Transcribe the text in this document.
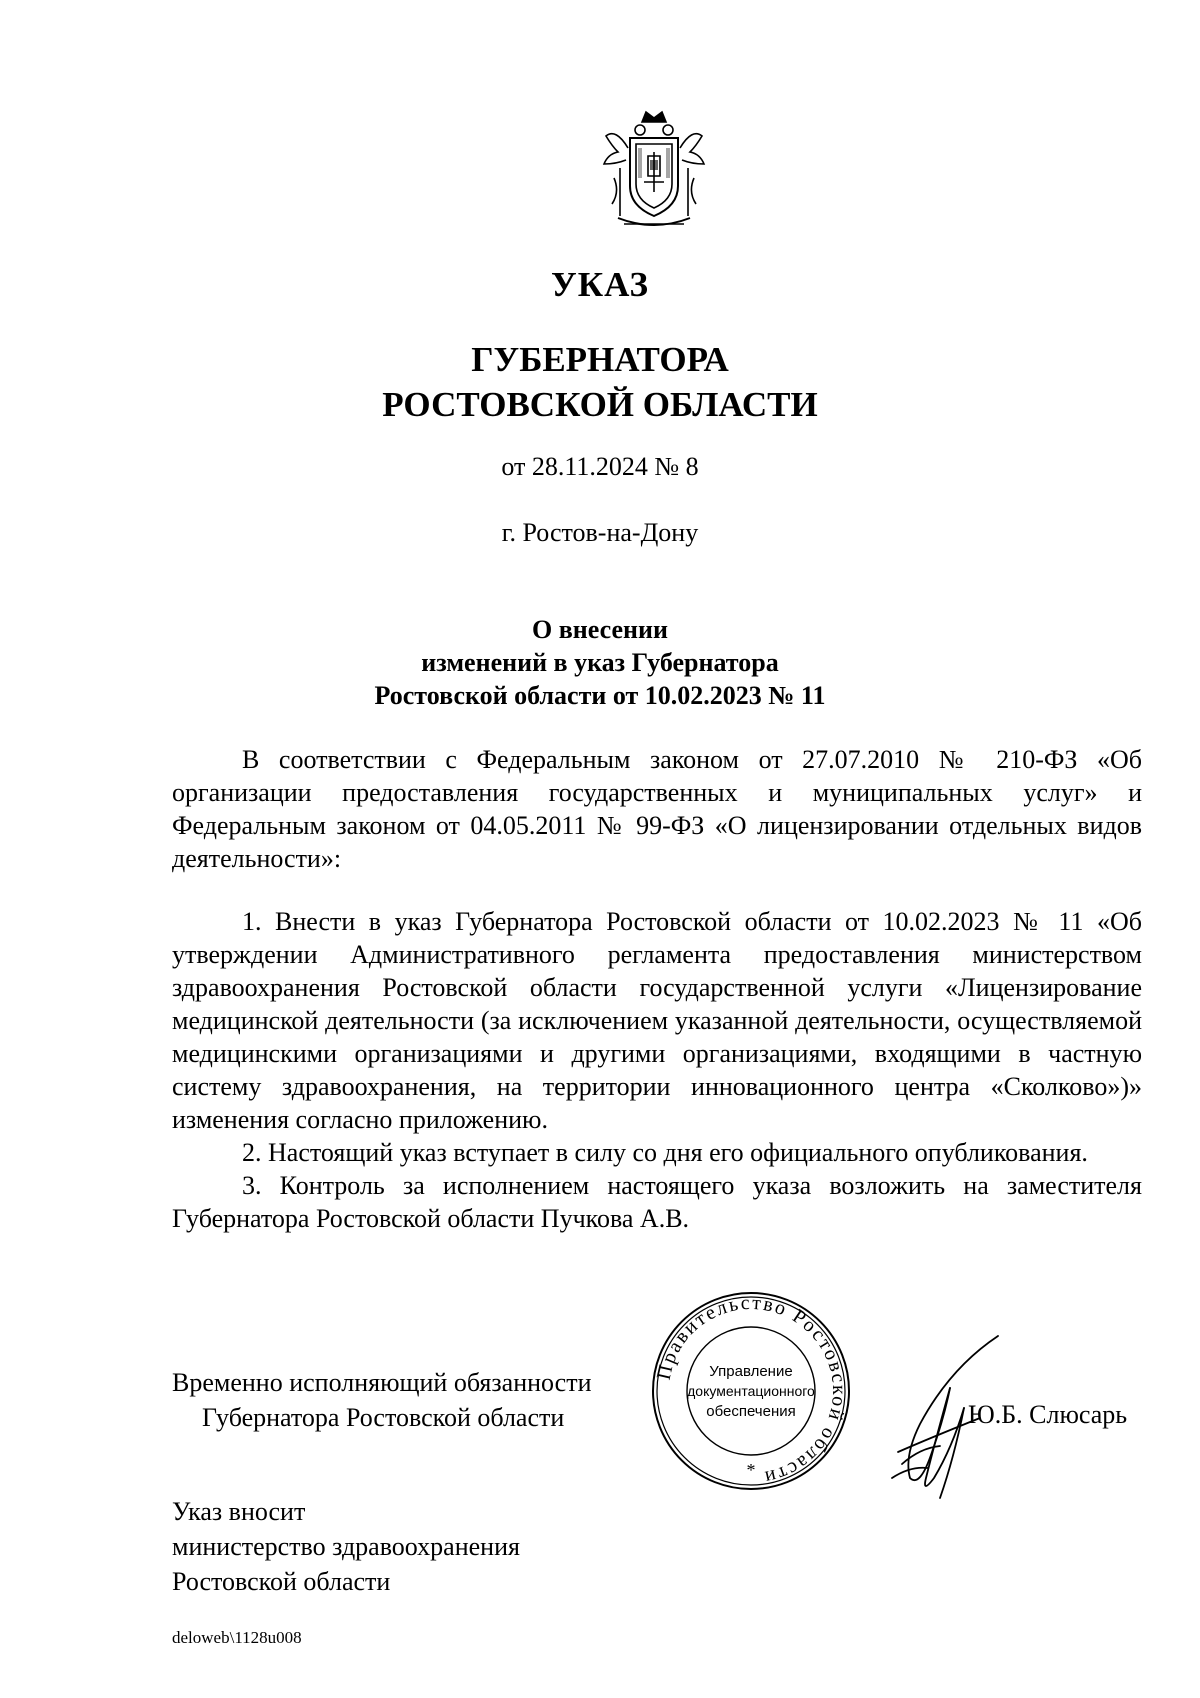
УКАЗ
ГУБЕРНАТОРА
РОСТОВСКОЙ ОБЛАСТИ
от 28.11.2024 № 8
г. Ростов-на-Дону
О внесении
изменений в указ Губернатора
Ростовской области от 10.02.2023 № 11

В соответствии с Федеральным законом от 27.07.2010 № 210-ФЗ «Об организации предоставления государственных и муниципальных услуг» и Федеральным законом от 04.05.2011 № 99-ФЗ «О лицензировании отдельных видов деятельности»:

1. Внести в указ Губернатора Ростовской области от 10.02.2023 № 11 «Об утверждении Административного регламента предоставления министерством здравоохранения Ростовской области государственной услуги «Лицензирование медицинской деятельности (за исключением указанной деятельности, осуществляемой медицинскими организациями и другими организациями, входящими в частную систему здравоохранения, на территории инновационного центра «Сколково»)» изменения согласно приложению.

2. Настоящий указ вступает в силу со дня его официального опубликования.

3. Контроль за исполнением настоящего указа возложить на заместителя Губернатора Ростовской области Пучкова А.В.

Временно исполняющий обязанности
Губернатора Ростовской области
Правительство Ростовской области
Управление
документационного
обеспечения
*
Ю.Б. Слюсарь
Указ вносит
министерство здравоохранения
Ростовской области
deloweb\1128u008
